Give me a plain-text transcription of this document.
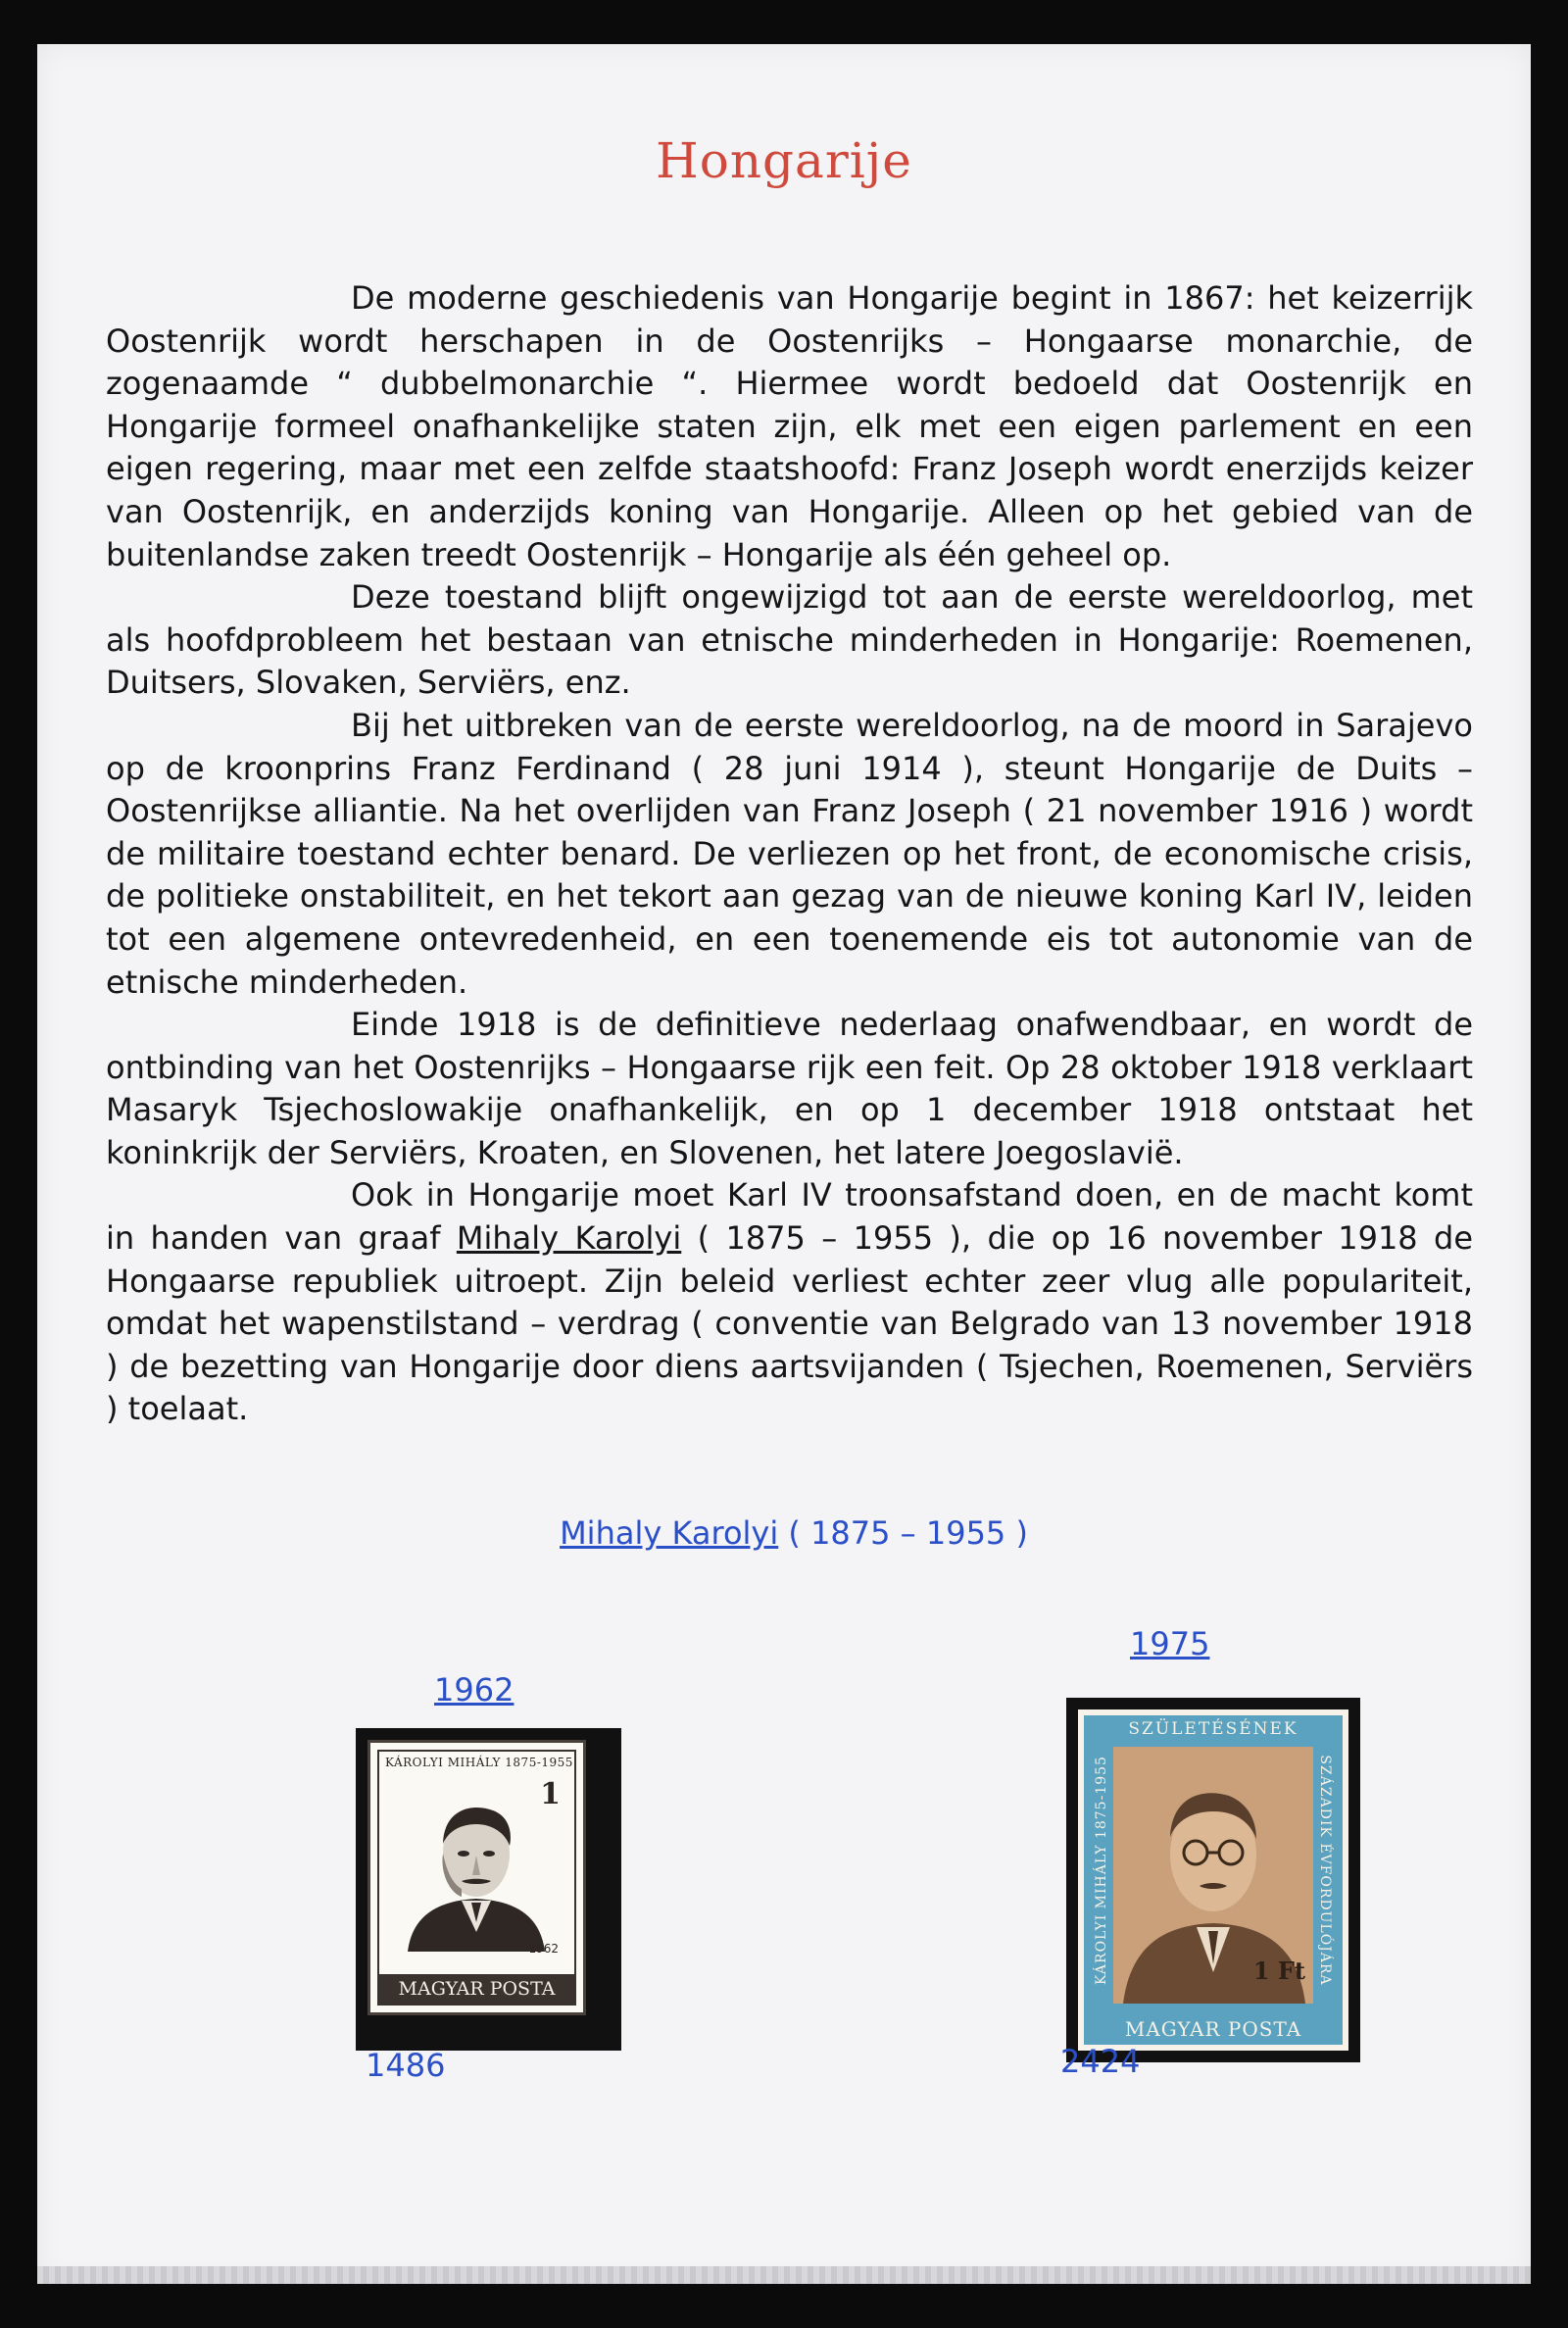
Hongarije

De moderne geschiedenis van Hongarije begint in 1867: het keizerrijk Oostenrijk wordt herschapen in de Oostenrijks – Hongaarse monarchie, de zogenaamde “ dubbelmonarchie “. Hiermee wordt bedoeld dat Oostenrijk en Hongarije formeel onafhankelijke staten zijn, elk met een eigen parlement en een eigen regering, maar met een zelfde staatshoofd: Franz Joseph wordt enerzijds keizer van Oostenrijk, en anderzijds koning van Hongarije. Alleen op het gebied van de buitenlandse zaken treedt Oostenrijk – Hongarije als één geheel op.

Deze toestand blijft ongewijzigd tot aan de eerste wereldoorlog, met als hoofdprobleem het bestaan van etnische minderheden in Hongarije: Roemenen, Duitsers, Slovaken, Serviërs, enz.

Bij het uitbreken van de eerste wereldoorlog, na de moord in Sarajevo op de kroonprins Franz Ferdinand ( 28 juni 1914 ), steunt Hongarije de Duits – Oostenrijkse alliantie. Na het overlijden van Franz Joseph ( 21 november 1916 ) wordt de militaire toestand echter benard. De verliezen op het front, de economische crisis, de politieke onstabiliteit, en het tekort aan gezag van de nieuwe koning Karl IV, leiden tot een algemene ontevredenheid, en een toenemende eis tot autonomie van de etnische minderheden.

Einde 1918 is de definitieve nederlaag onafwendbaar, en wordt de ontbinding van het Oostenrijks – Hongaarse rijk een feit. Op 28 oktober 1918 verklaart Masaryk Tsjechoslowakije onafhankelijk, en op 1 december 1918 ontstaat het koninkrijk der Serviërs, Kroaten, en Slovenen, het latere Joegoslavië.

Ook in Hongarije moet Karl IV troonsafstand doen, en de macht komt in handen van graaf Mihaly Karolyi ( 1875 – 1955 ), die op 16 november 1918 de Hongaarse republiek uitroept. Zijn beleid verliest echter zeer vlug alle populariteit, omdat het wapenstilstand – verdrag ( conventie van Belgrado van 13 november 1918 ) de bezetting van Hongarije door diens aartsvijanden ( Tsjechen, Roemenen, Serviërs ) toelaat.

Mihaly Karolyi ( 1875 – 1955 )
1962
KÁROLYI MIHÁLY 1875-1955
1
1962
MAGYAR POSTA
1486
1975
SZÜLETÉSÉNEK
KÁROLYI MIHÁLY 1875-1955	SZÁZADIK ÉVFORDULÓJÁRA
1 Ft
MAGYAR POSTA
2424
